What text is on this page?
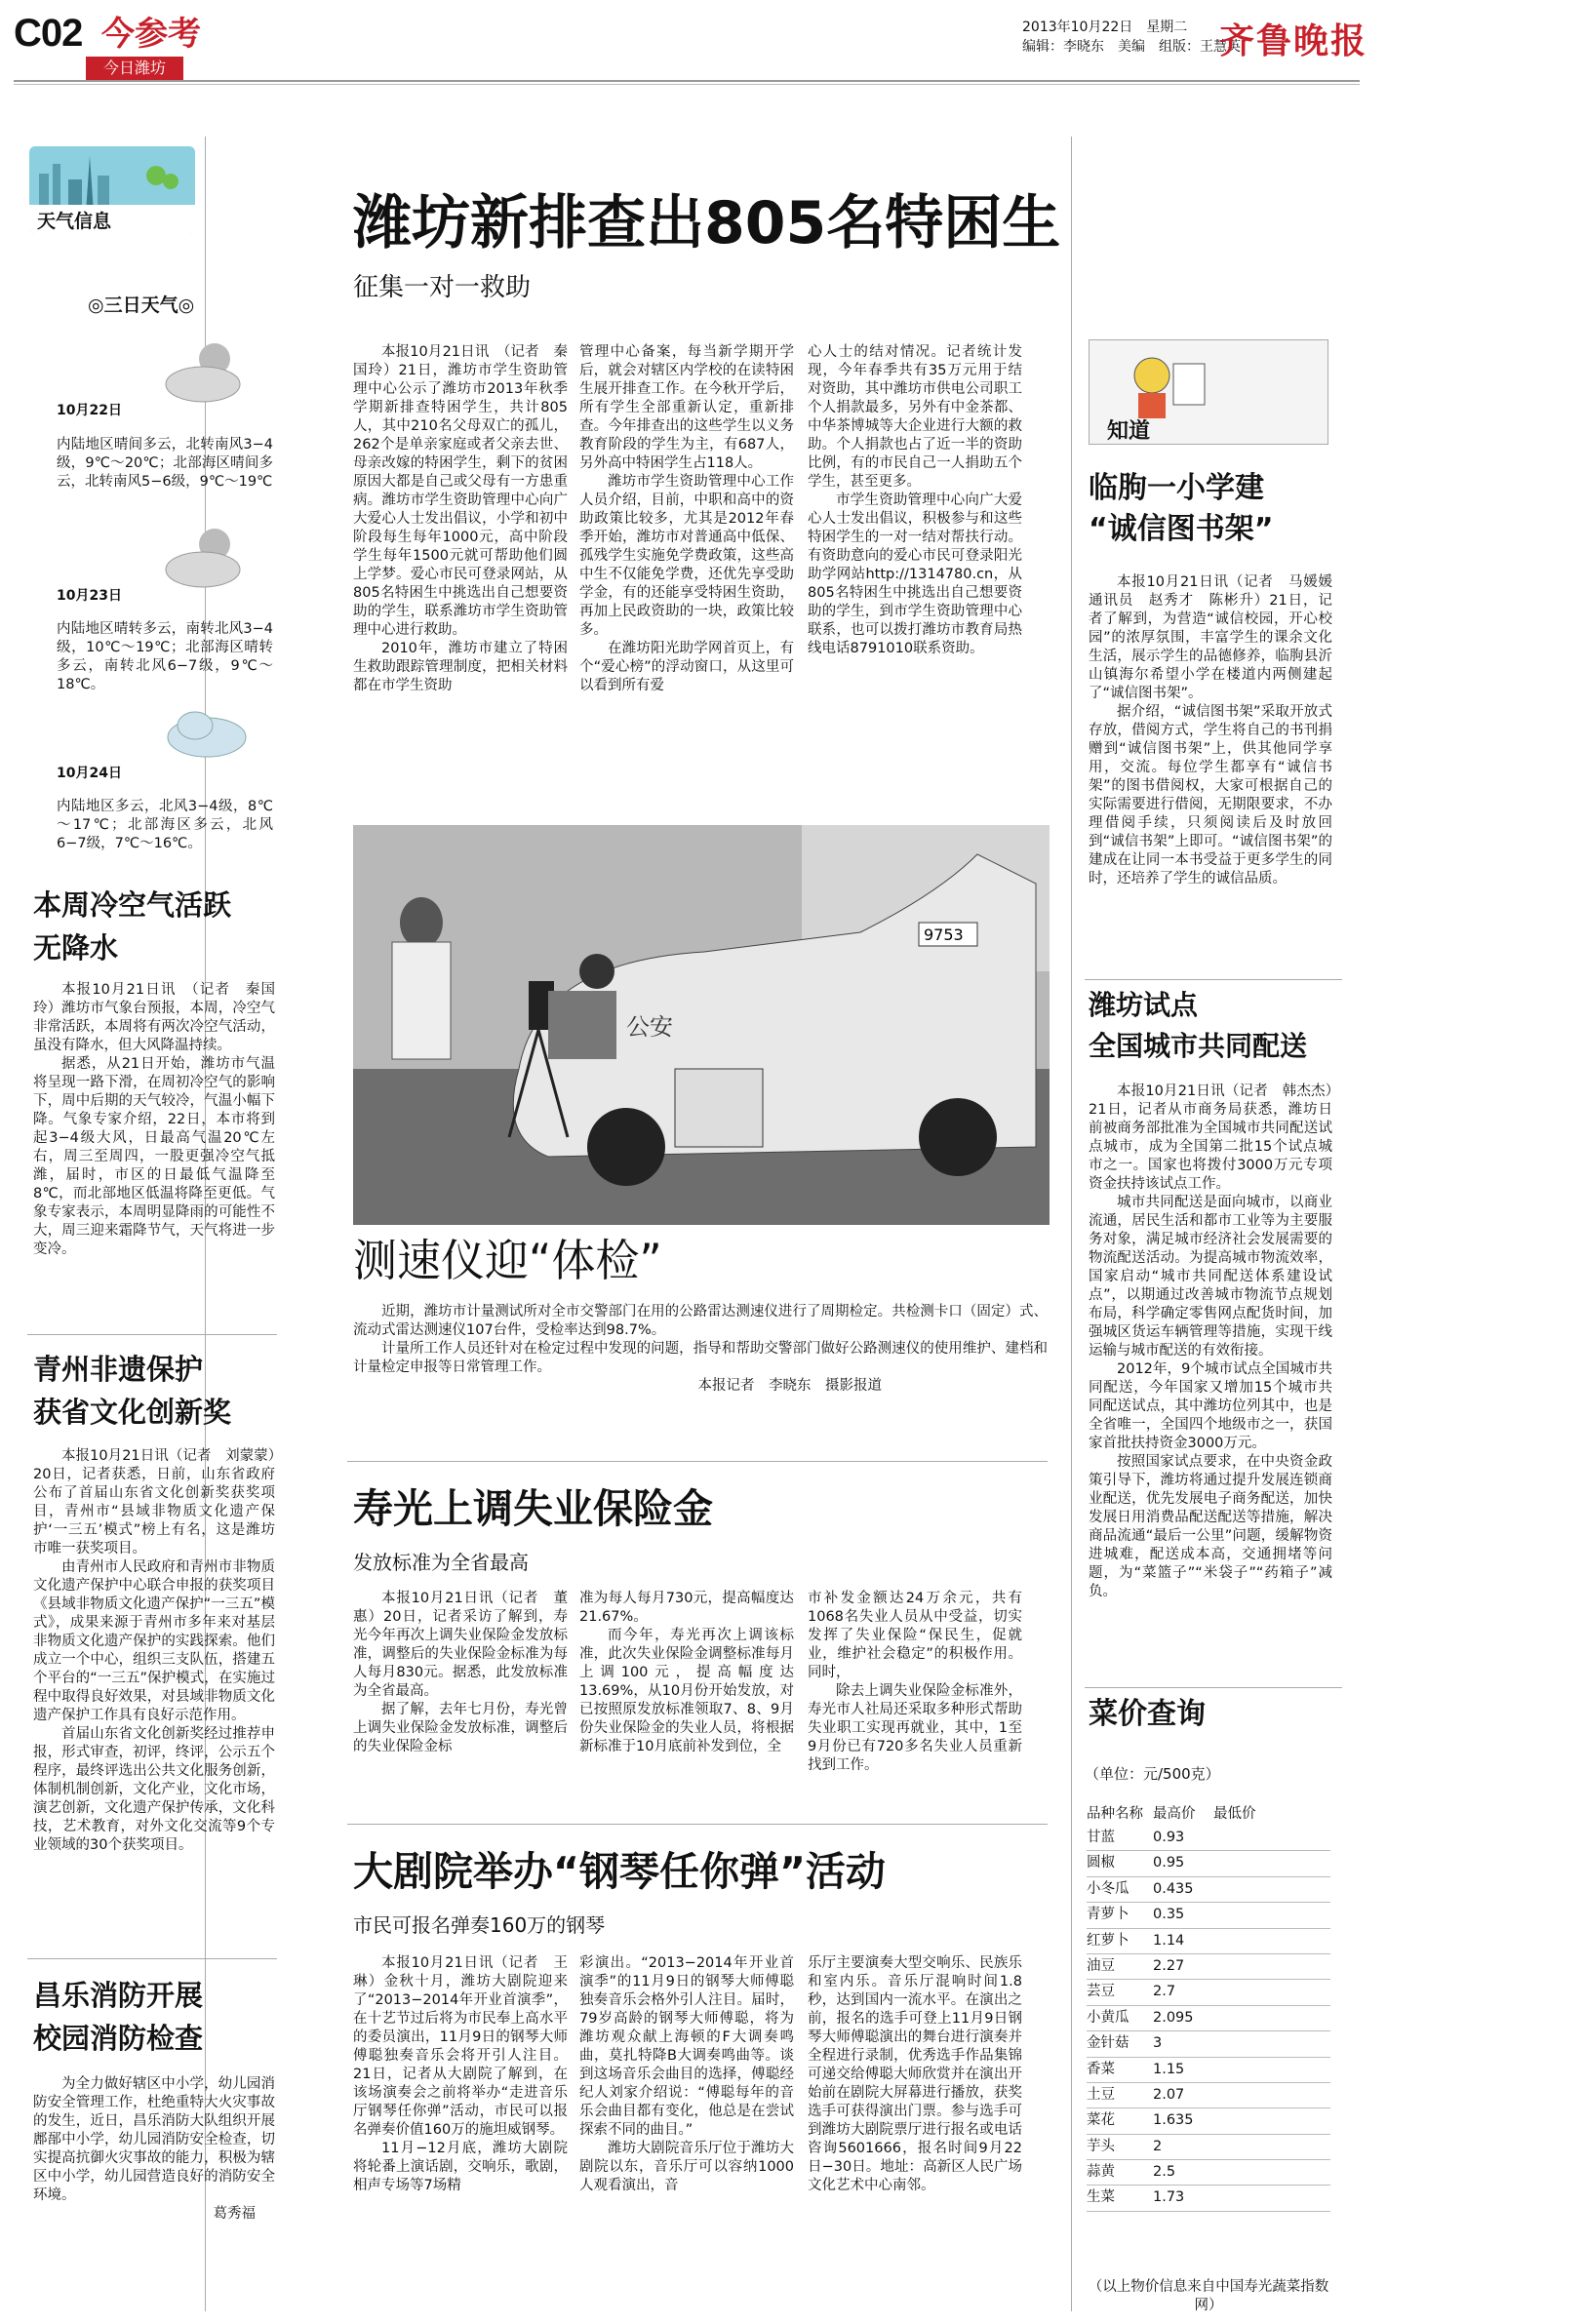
C02 今参考
今日潍坊
2013年10月22日　星期二
编辑：李晓东　美编　组版：王慧英
齐鲁晚报
天气信息
◎三日天气◎
10月22日
内陆地区晴间多云，北转南风3−4级，9℃～20℃；北部海区晴间多云，北转南风5−6级，9℃～19℃
10月23日
内陆地区晴转多云，南转北风3−4级，10℃～19℃；北部海区晴转多云，南转北风6−7级，9℃～18℃。
10月24日
内陆地区多云，北风3−4级，8℃～17℃；北部海区多云，北风6−7级，7℃～16℃。
本周冷空气活跃
无降水

本报10月21日讯　（记者　秦国玲）潍坊市气象台预报，本周，冷空气非常活跃，本周将有两次冷空气活动，虽没有降水，但大风降温持续。

据悉，从21日开始，潍坊市气温将呈现一路下滑，在周初冷空气的影响下，周中后期的天气较冷，气温小幅下降。气象专家介绍，22日，本市将到起3−4级大风，日最高气温20℃左右，周三至周四，一股更强冷空气抵潍，届时，市区的日最低气温降至8℃，而北部地区低温将降至更低。气象专家表示，本周明显降雨的可能性不大，周三迎来霜降节气，天气将进一步变冷。

青州非遗保护
获省文化创新奖

本报10月21日讯（记者　刘蒙蒙）20日，记者获悉，日前，山东省政府公布了首届山东省文化创新奖获奖项目，青州市“县域非物质文化遗产保护‘一三五’模式”榜上有名，这是潍坊市唯一获奖项目。

由青州市人民政府和青州市非物质文化遗产保护中心联合申报的获奖项目《县域非物质文化遗产保护“一三五”模式》，成果来源于青州市多年来对基层非物质文化遗产保护的实践探索。他们成立一个中心，组织三支队伍，搭建五个平台的“一三五”保护模式，在实施过程中取得良好效果，对县域非物质文化遗产保护工作具有良好示范作用。

首届山东省文化创新奖经过推荐申报，形式审查，初评，终评，公示五个程序，最终评选出公共文化服务创新，体制机制创新，文化产业，文化市场，演艺创新，文化遗产保护传承，文化科技，艺术教育，对外文化交流等9个专业领域的30个获奖项目。

昌乐消防开展
校园消防检查

为全力做好辖区中小学，幼儿园消防安全管理工作，杜绝重特大火灾事故的发生，近日，昌乐消防大队组织开展鄌郚中小学，幼儿园消防安全检查，切实提高抗御火灾事故的能力，积极为辖区中小学，幼儿园营造良好的消防安全环境。

葛秀福
潍坊新排查出805名特困生
征集一对一救助

本报10月21日讯　（记者　秦国玲）21日，潍坊市学生资助管理中心公示了潍坊市2013年秋季学期新排查特困学生，共计805人，其中210名父母双亡的孤儿，262个是单亲家庭或者父亲去世、母亲改嫁的特困学生，剩下的贫困原因大都是自己或父母有一方患重病。潍坊市学生资助管理中心向广大爱心人士发出倡议，小学和初中阶段每生每年1000元，高中阶段学生每年1500元就可帮助他们圆上学梦。爱心市民可登录网站，从805名特困生中挑选出自己想要资助的学生，联系潍坊市学生资助管理中心进行救助。

2010年，潍坊市建立了特困生救助跟踪管理制度，把相关材料都在市学生资助

管理中心备案，每当新学期开学后，就会对辖区内学校的在读特困生展开排查工作。在今秋开学后，所有学生全部重新认定，重新排查。今年排查出的这些学生以义务教育阶段的学生为主，有687人，另外高中特困学生占118人。

潍坊市学生资助管理中心工作人员介绍，目前，中职和高中的资助政策比较多，尤其是2012年春季开始，潍坊市对普通高中低保、孤残学生实施免学费政策，这些高中生不仅能免学费，还优先享受助学金，有的还能享受特困生资助，再加上民政资助的一块，政策比较多。

在潍坊阳光助学网首页上，有个“爱心榜”的浮动窗口，从这里可以看到所有爱

心人士的结对情况。记者统计发现，今年春季共有35万元用于结对资助，其中潍坊市供电公司职工个人捐款最多，另外有中金茶都、中华茶博城等大企业进行大额的救助。个人捐款也占了近一半的资助比例，有的市民自己一人捐助五个学生，甚至更多。

市学生资助管理中心向广大爱心人士发出倡议，积极参与和这些特困学生的一对一结对帮扶行动。有资助意向的爱心市民可登录阳光助学网站http://1314780.cn，从805名特困生中挑选出自己想要资助的学生，到市学生资助管理中心联系，也可以拨打潍坊市教育局热线电话8791010联系资助。

9753
公安
测速仪迎“体检”

近期，潍坊市计量测试所对全市交警部门在用的公路雷达测速仪进行了周期检定。共检测卡口（固定）式、流动式雷达测速仪107台件，受检率达到98.7%。

计量所工作人员还针对在检定过程中发现的问题，指导和帮助交警部门做好公路测速仪的使用维护、建档和计量检定申报等日常管理工作。

本报记者　李晓东　摄影报道
寿光上调失业保险金
发放标准为全省最高

本报10月21日讯（记者　董惠）20日，记者采访了解到，寿光今年再次上调失业保险金发放标准，调整后的失业保险金标准为每人每月830元。据悉，此发放标准为全省最高。

据了解，去年七月份，寿光曾上调失业保险金发放标准，调整后的失业保险金标

准为每人每月730元，提高幅度达21.67%。

而今年，寿光再次上调该标准，此次失业保险金调整标准每月上调100元，提高幅度达13.69%，从10月份开始发放，对已按照原发放标准领取7、8、9月份失业保险金的失业人员，将根据新标准于10月底前补发到位，全

市补发金额达24万余元，共有1068名失业人员从中受益，切实发挥了失业保险“保民生，促就业，维护社会稳定”的积极作用。同时，

除去上调失业保险金标准外，寿光市人社局还采取多种形式帮助失业职工实现再就业，其中，1至9月份已有720多名失业人员重新找到工作。

大剧院举办“钢琴任你弹”活动
市民可报名弹奏160万的钢琴

本报10月21日讯（记者　王琳）金秋十月，潍坊大剧院迎来了“2013−2014年开业首演季”，在十艺节过后将为市民奉上高水平的委员演出，11月9日的钢琴大师傅聪独奏音乐会将开引人注目。21日，记者从大剧院了解到，在该场演奏会之前将举办“走进音乐厅钢琴任你弹”活动，市民可以报名弹奏价值160万的施坦威钢琴。

11月−12月底，潍坊大剧院将轮番上演话剧，交响乐，歌剧，相声专场等7场精

彩演出。“2013−2014年开业首演季”的11月9日的钢琴大师傅聪独奏音乐会格外引人注目。届时，79岁高龄的钢琴大师傅聪，将为潍坊观众献上海顿的F大调奏鸣曲，莫扎特降B大调奏鸣曲等。谈到这场音乐会曲目的选择，傅聪经纪人刘家介绍说：“傅聪每年的音乐会曲目都有变化，他总是在尝试探索不同的曲目。”

潍坊大剧院音乐厅位于潍坊大剧院以东，音乐厅可以容纳1000人观看演出，音

乐厅主要演奏大型交响乐、民族乐和室内乐。音乐厅混响时间1.8秒，达到国内一流水平。在演出之前，报名的选手可登上11月9日钢琴大师傅聪演出的舞台进行演奏并全程进行录制，优秀选手作品集锦可递交给傅聪大师欣赏并在演出开始前在剧院大屏幕进行播放，获奖选手可获得演出门票。参与选手可到潍坊大剧院票厅进行报名或电话咨询5601666，报名时间9月22日−30日。地址：高新区人民广场文化艺术中心南邻。

知道
临朐一小学建
“诚信图书架”

本报10月21日讯（记者　马媛媛　通讯员　赵秀才　陈彬升）21日，记者了解到，为营造“诚信校园，开心校园”的浓厚氛围，丰富学生的课余文化生活，展示学生的品德修养，临朐县沂山镇海尔希望小学在楼道内两侧建起了“诚信图书架”。

据介绍，“诚信图书架”采取开放式存放，借阅方式，学生将自己的书刊捐赠到“诚信图书架”上，供其他同学享用，交流。每位学生都享有“诚信书架”的图书借阅权，大家可根据自己的实际需要进行借阅，无期限要求，不办理借阅手续，只须阅读后及时放回到“诚信书架”上即可。“诚信图书架”的建成在让同一本书受益于更多学生的同时，还培养了学生的诚信品质。

潍坊试点
全国城市共同配送

本报10月21日讯（记者　韩杰杰）21日，记者从市商务局获悉，潍坊日前被商务部批准为全国城市共同配送试点城市，成为全国第二批15个试点城市之一。国家也将拨付3000万元专项资金扶持该试点工作。

城市共同配送是面向城市，以商业流通，居民生活和都市工业等为主要服务对象，满足城市经济社会发展需要的物流配送活动。为提高城市物流效率，国家启动“城市共同配送体系建设试点”，以期通过改善城市物流节点规划布局，科学确定零售网点配货时间，加强城区货运车辆管理等措施，实现干线运输与城市配送的有效衔接。

2012年，9个城市试点全国城市共同配送，今年国家又增加15个城市共同配送试点，其中潍坊位列其中，也是全省唯一，全国四个地级市之一，获国家首批扶持资金3000万元。

按照国家试点要求，在中央资金政策引导下，潍坊将通过提升发展连锁商业配送，优先发展电子商务配送，加快发展日用消费品配送配送等措施，解决商品流通“最后一公里”问题，缓解物资进城难，配送成本高，交通拥堵等问题，为“菜篮子”“米袋子”“药箱子”减负。

菜价查询
（单位：元/500克）
品种名称 最高价	最低价
甘蓝	0.93
圆椒	0.95
小冬瓜	0.435
青萝卜	0.35
红萝卜	1.14
油豆	2.27
芸豆	2.7
小黄瓜	2.095
金针菇	3
香菜	1.15
土豆	2.07
菜花	1.635
芋头	2
蒜黄	2.5
生菜	1.73
（以上物价信息来自中国寿光蔬菜指数网）
